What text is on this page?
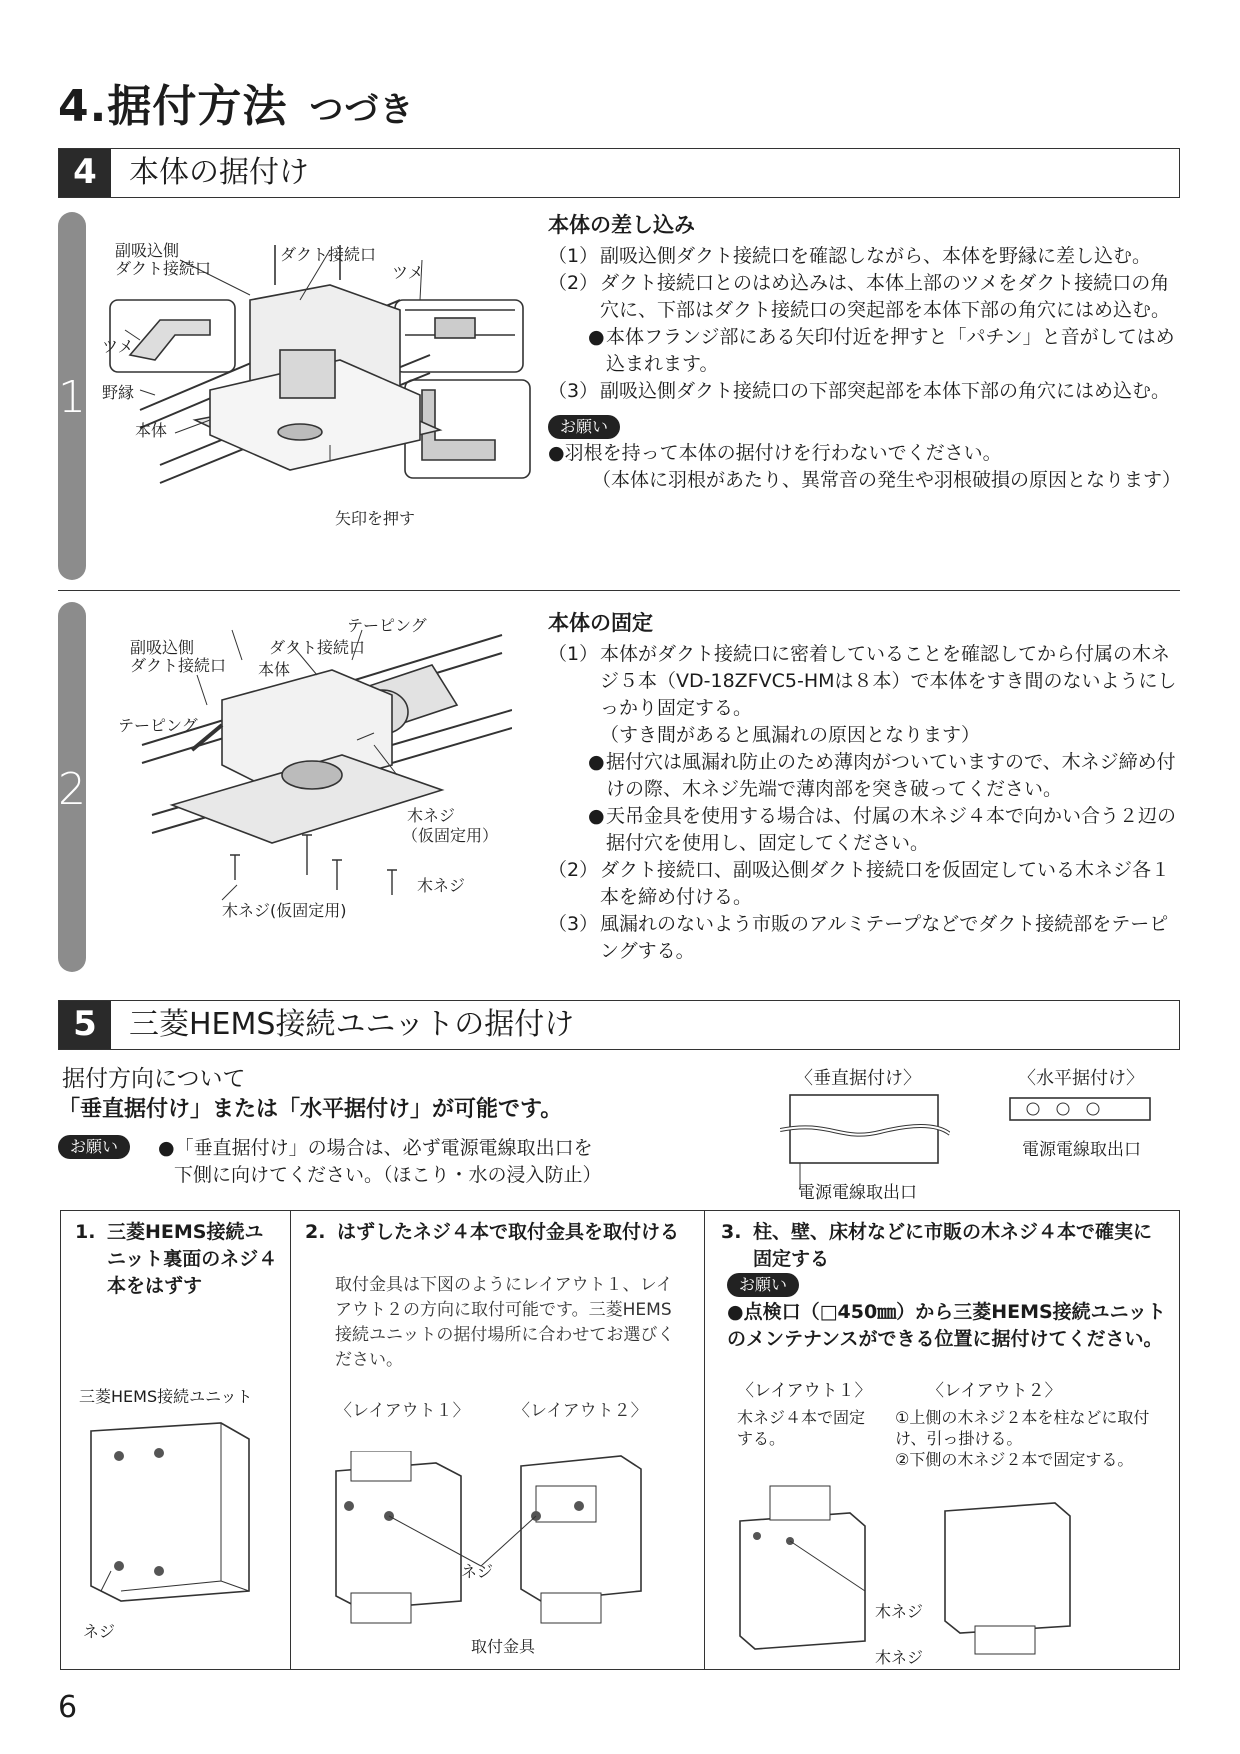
4.据付方法 つづき
4	本体の据付け
1
2
副吸込側
ダクト接続口
ダクト接続口
ツメ
ツメ
野縁
本体
矢印を押す
本体の差し込み
（1） 副吸込側ダクト接続口を確認しながら、本体を野縁に差し込む。
（2） ダクト接続口とのはめ込みは、本体上部のツメをダクト接続口の角穴に、下部はダクト接続口の突起部を本体下部の角穴にはめ込む。
● 本体フランジ部にある矢印付近を押すと「パチン」と音がしてはめ込まれます。
（3） 副吸込側ダクト接続口の下部突起部を本体下部の角穴にはめ込む。
お願い
●羽根を持って本体の据付けを行わないでください。
（本体に羽根があたり、異常音の発生や羽根破損の原因となります）
テーピング
副吸込側
ダクト接続口
ダクト接続口
本体
テーピング
木ネジ
（仮固定用）
木ネジ
木ネジ(仮固定用)
本体の固定
（1） 本体がダクト接続口に密着していることを確認してから付属の木ネジ５本（VD-18ZFVC5-HMは８本）で本体をすき間のないようにしっかり固定する。
（すき間があると風漏れの原因となります）
● 据付穴は風漏れ防止のため薄肉がついていますので、木ネジ締め付けの際、木ネジ先端で薄肉部を突き破ってください。
● 天吊金具を使用する場合は、付属の木ネジ４本で向かい合う２辺の据付穴を使用し、固定してください。
（2） ダクト接続口、副吸込側ダクト接続口を仮固定している木ネジ各１本を締め付ける。
（3） 風漏れのないよう市販のアルミテープなどでダクト接続部をテーピングする。
5	三菱HEMS接続ユニットの据付け
据付方向について
「垂直据付け」または「水平据付け」が可能です。
お願い	●「垂直据付け」の場合は、必ず電源電線取出口を
下側に向けてください。（ほこり・水の浸入防止）
〈垂直据付け〉	〈水平据付け〉
電源電線取出口
電源電線取出口
1. 三菱HEMS接続ユニット裏面のネジ４本をはずす
三菱HEMS接続ユニット
ネジ
2. はずしたネジ４本で取付金具を取付ける
取付金具は下図のようにレイアウト１、レイアウト２の方向に取付可能です。三菱HEMS接続ユニットの据付場所に合わせてお選びください。
〈レイアウト１〉	〈レイアウト２〉
ネジ
取付金具
3. 柱、壁、床材などに市販の木ネジ４本で確実に固定する
お願い
●点検口（□450㎜）から三菱HEMS接続ユニットのメンテナンスができる位置に据付けてください。
〈レイアウト１〉	〈レイアウト２〉
木ネジ４本で固定する。
①上側の木ネジ２本を柱などに取付け、引っ掛ける。
②下側の木ネジ２本で固定する。
木ネジ
木ネジ
6
